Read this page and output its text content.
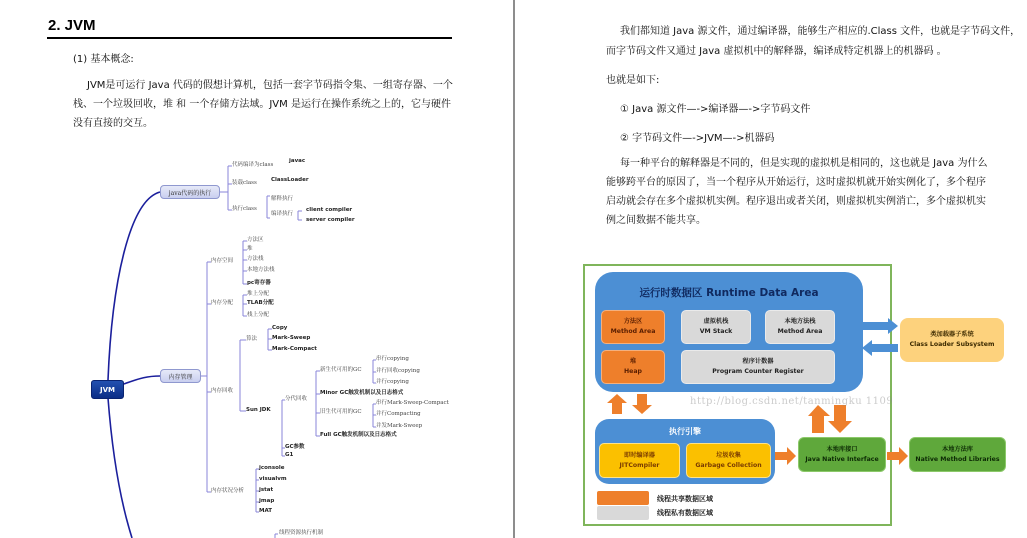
2. JVM
(1) 基本概念:
JVM是可运行 Java 代码的假想计算机，包括一套字节码指令集、一组寄存器、一个栈、一个垃圾回收，堆 和 一个存储方法域。JVM 是运行在操作系统之上的，它与硬件没有直接的交互。
JVM
java代码的执行
内存管理
代码编译为class
javac
装载class	ClassLoader
执行class
解释执行
编译执行
client compiler
server compiler
内存空间
方法区
堆
方法栈
本地方法栈
pc寄存器
内存分配
堆上分配
TLAB分配
栈上分配
内存回收
算法
Copy
Mark-Sweep
Mark-Compact
Sun JDK
分代回收
新生代可用的GC
串行copying
并行回收copying
并行copying
Minor GC触发机制以及日志格式
旧生代可用的GC
串行Mark-Sweep-Compact
并行Compacting
并发Mark-Sweep
Full GC触发机制以及日志格式
GC参数
G1
内存状况分析
jconsole
visualvm
jstat
jmap
MAT
线程资源执行机制
我们都知道 Java 源文件，通过编译器，能够生产相应的.Class 文件，也就是字节码文件，
而字节码文件又通过 Java 虚拟机中的解释器，编译成特定机器上的机器码 。
也就是如下:
① Java 源文件—->编译器—->字节码文件
② 字节码文件—->JVM—->机器码
每一种平台的解释器是不同的，但是实现的虚拟机是相同的，这也就是 Java 为什么能够跨平台的原因了，当一个程序从开始运行，这时虚拟机就开始实例化了，多个程序启动就会存在多个虚拟机实例。程序退出或者关闭，则虚拟机实例消亡，多个虚拟机实例之间数据不能共享。
运行时数据区 Runtime Data Area
方法区
Method Area
虚拟机栈
VM Stack
本地方法栈
Method Area
堆
Heap
程序计数器
Program Counter Register
执行引擎
即时编译器
JITCompiler
垃圾收集
Garbage Collection
线程共享数据区域
线程私有数据区域
类加载器子系统
Class Loader Subsystem
本地库接口
Java Native Interface
本地方法库
Native Method Libraries
http://blog.csdn.net/tanmingku 1109
